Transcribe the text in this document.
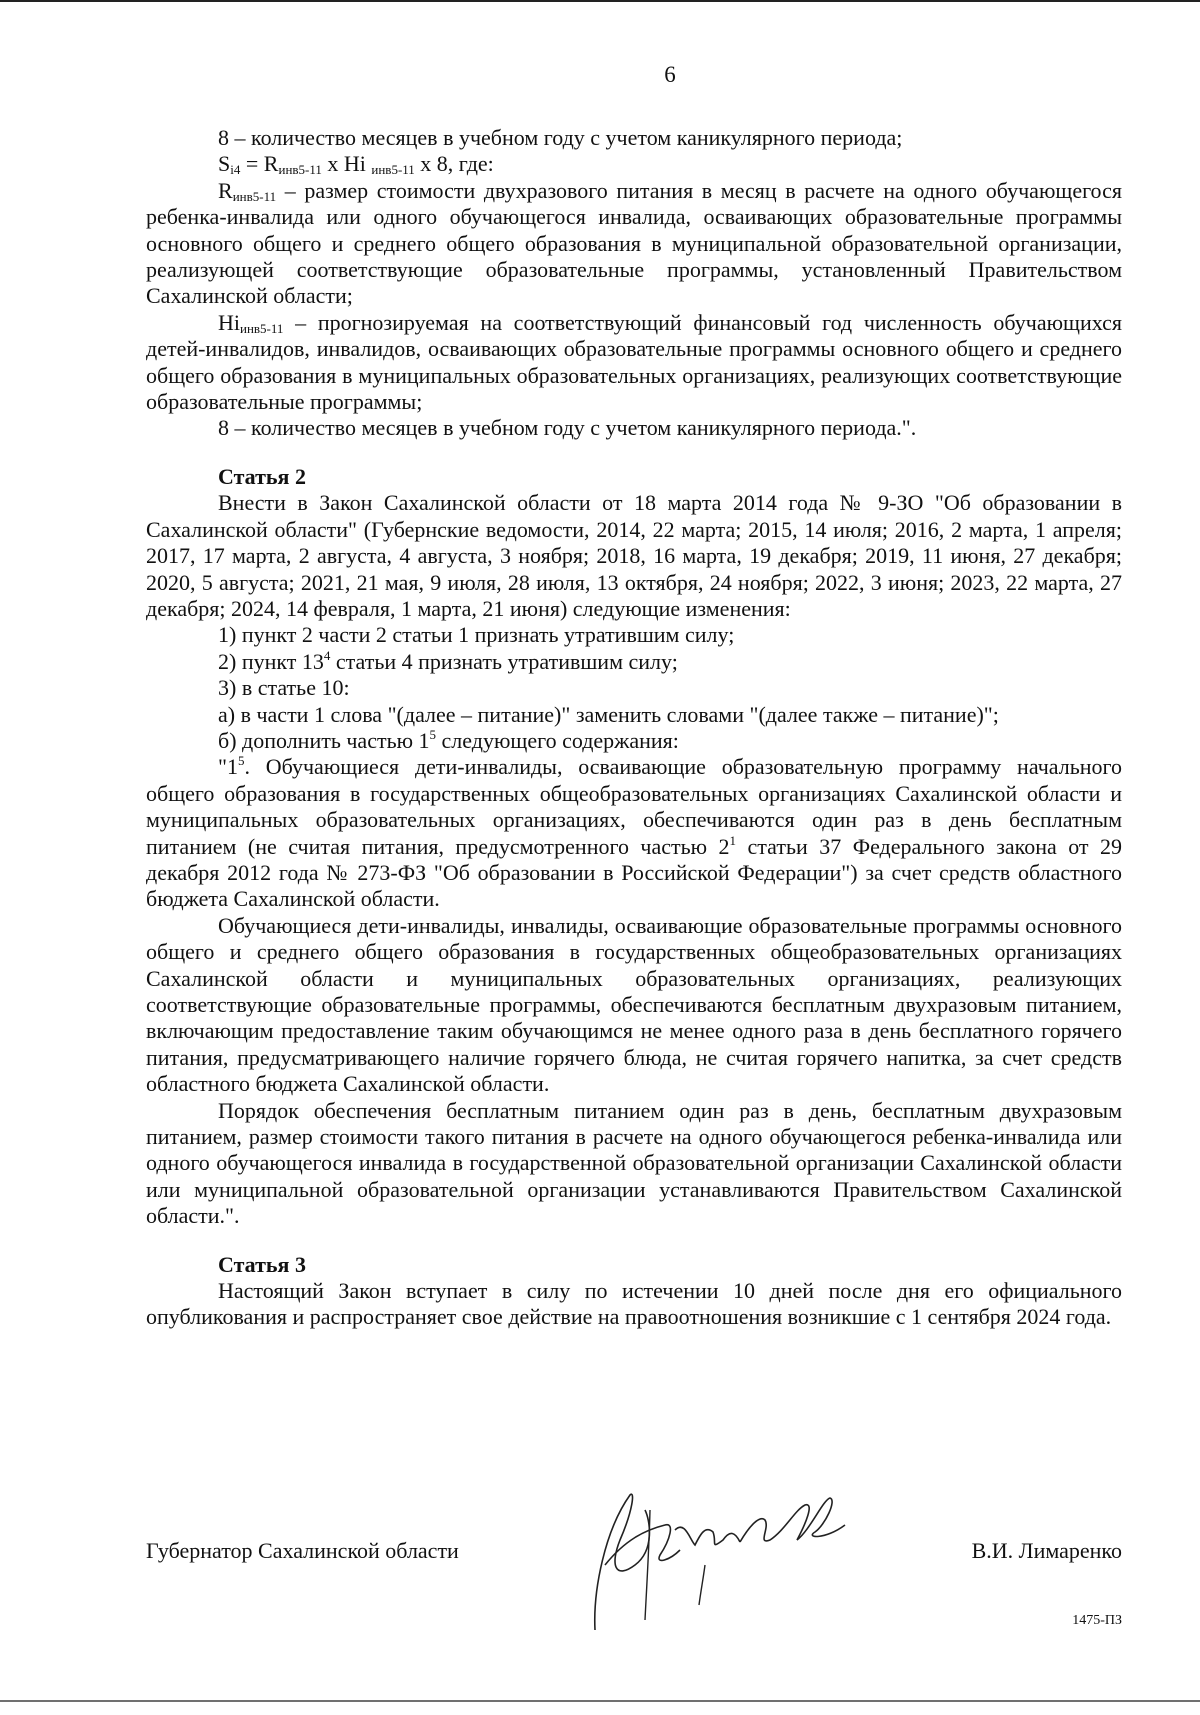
6

8 – количество месяцев в учебном году с учетом каникулярного периода;

$S_{i4} = R_{инв5-11}$ x Hi $_{инв5-11}$ x 8, где:

$R_{инв5-11}$ – размер стоимости двухразового питания в месяц в расчете на одного обучающегося ребенка-инвалида или одного обучающегося инвалида, осваивающих образовательные программы основного общего и среднего общего образования в муниципальной образовательной организации, реализующей соответствующие образовательные программы, установленный Правительством Сахалинской области;

$Hi_{инв5-11}$ – прогнозируемая на соответствующий финансовый год численность обучающихся детей-инвалидов, инвалидов, осваивающих образовательные программы основного общего и среднего общего образования в муниципальных образовательных организациях, реализующих соответствующие образовательные программы;

8 – количество месяцев в учебном году с учетом каникулярного периода.".

Статья 2

Внести в Закон Сахалинской области от 18 марта 2014 года № 9-ЗО "Об образовании в Сахалинской области" (Губернские ведомости, 2014, 22 марта; 2015, 14 июля; 2016, 2 марта, 1 апреля; 2017, 17 марта, 2 августа, 4 августа, 3 ноября; 2018, 16 марта, 19 декабря; 2019, 11 июня, 27 декабря; 2020, 5 августа; 2021, 21 мая, 9 июля, 28 июля, 13 октября, 24 ноября; 2022, 3 июня; 2023, 22 марта, 27 декабря; 2024, 14 февраля, 1 марта, 21 июня) следующие изменения:

1) пункт 2 части 2 статьи 1 признать утратившим силу;

2) пункт $13^4$ статьи 4 признать утратившим силу;

3) в статье 10:

а) в части 1 слова "(далее – питание)" заменить словами "(далее также – питание)";

б) дополнить частью $1^5$ следующего содержания:

"$1^5$. Обучающиеся дети-инвалиды, осваивающие образовательную программу начального общего образования в государственных общеобразовательных организациях Сахалинской области и муниципальных образовательных организациях, обеспечиваются один раз в день бесплатным питанием (не считая питания, предусмотренного частью $2^1$ статьи 37 Федерального закона от 29 декабря 2012 года № 273-ФЗ "Об образовании в Российской Федерации") за счет средств областного бюджета Сахалинской области.

Обучающиеся дети-инвалиды, инвалиды, осваивающие образовательные программы основного общего и среднего общего образования в государственных общеобразовательных организациях Сахалинской области и муниципальных образовательных организациях, реализующих соответствующие образовательные программы, обеспечиваются бесплатным двухразовым питанием, включающим предоставление таким обучающимся не менее одного раза в день бесплатного горячего питания, предусматривающего наличие горячего блюда, не считая горячего напитка, за счет средств областного бюджета Сахалинской области.

Порядок обеспечения бесплатным питанием один раз в день, бесплатным двухразовым питанием, размер стоимости такого питания в расчете на одного обучающегося ребенка-инвалида или одного обучающегося инвалида в государственной образовательной организации Сахалинской области или муниципальной образовательной организации устанавливаются Правительством Сахалинской области.".

Статья 3

Настоящий Закон вступает в силу по истечении 10 дней после дня его официального опубликования и распространяет свое действие на правоотношения возникшие с 1 сентября 2024 года.

Губернатор Сахалинской области	В.И. Лимаренко
1475-ПЗ
